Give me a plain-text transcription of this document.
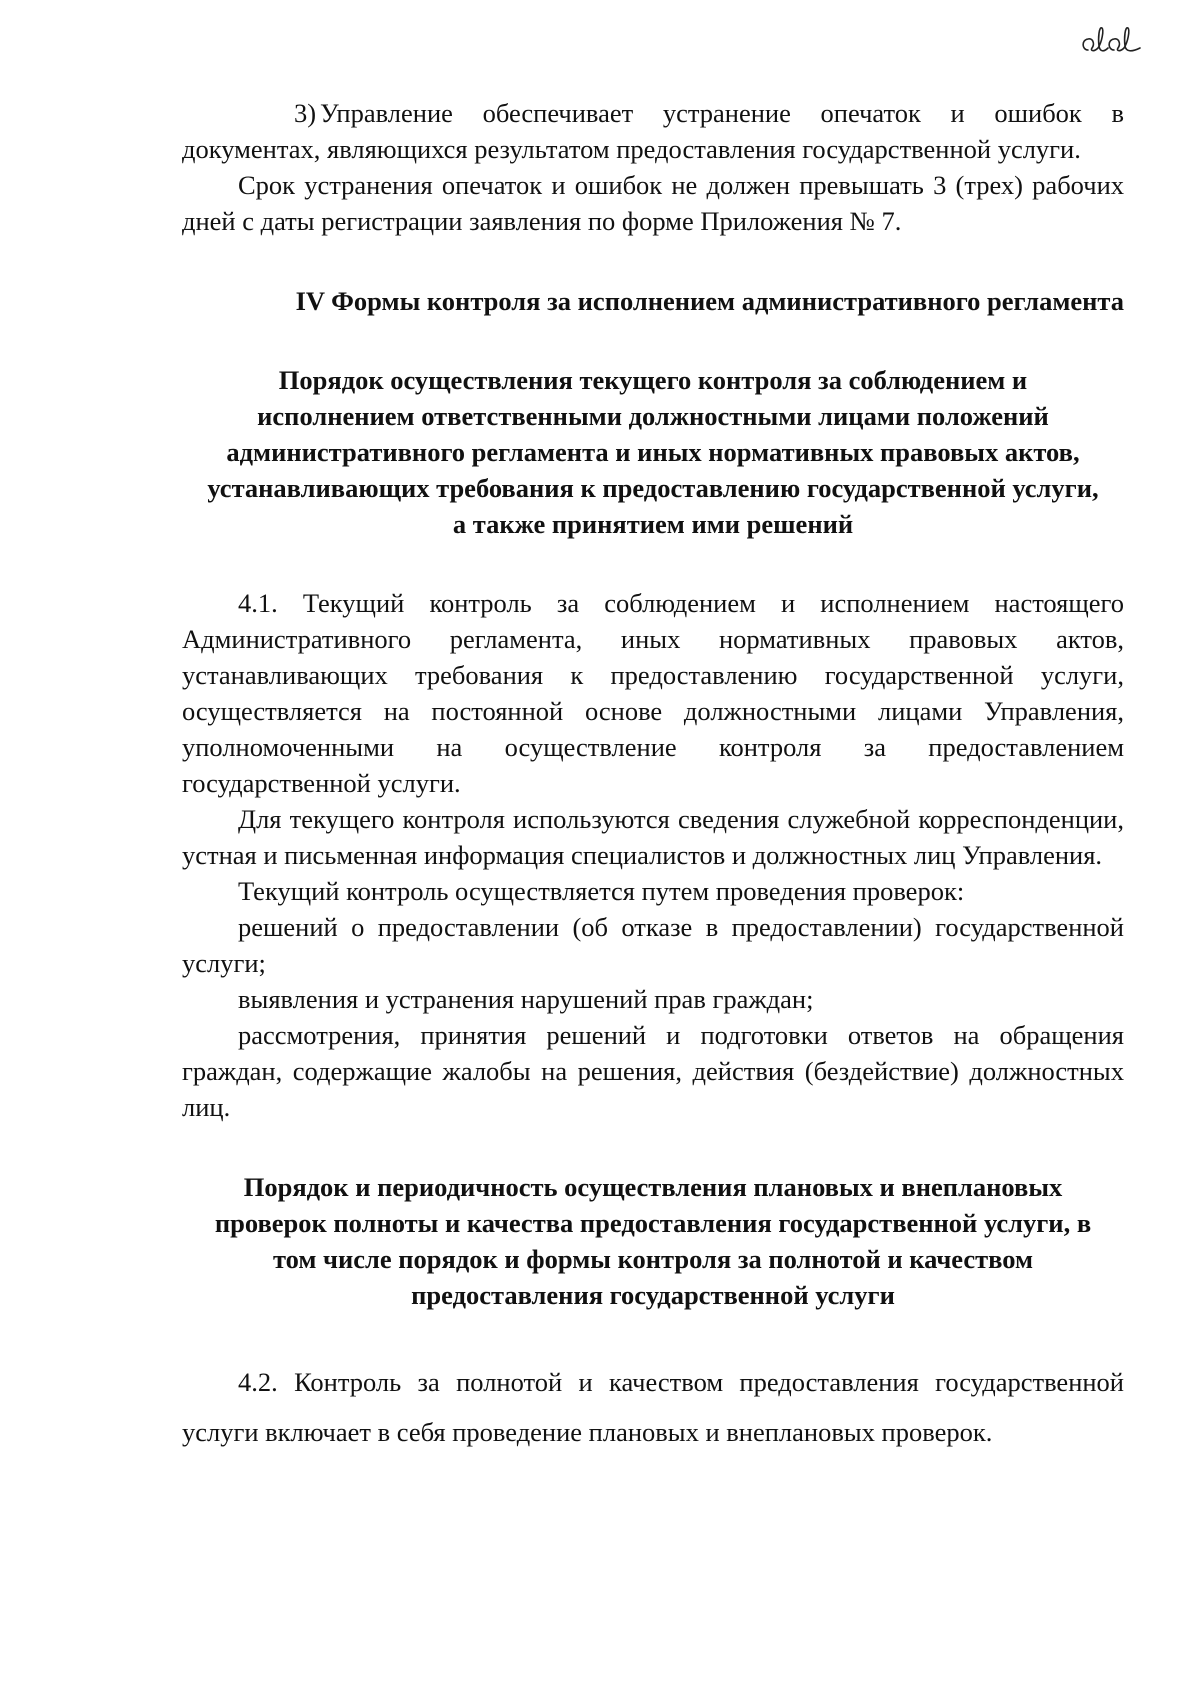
3) Управление обеспечивает устранение опечаток и ошибок в документах, являющихся результатом предоставления государственной услуги.

Срок устранения опечаток и ошибок не должен превышать 3 (трех) рабочих дней с даты регистрации заявления по форме Приложения № 7.

IV Формы контроля за исполнением административного регламента

Порядок осуществления текущего контроля за соблюдением и исполнением ответственными должностными лицами положений административного регламента и иных нормативных правовых актов, устанавливающих требования к предоставлению государственной услуги, а также принятием ими решений

4.1. Текущий контроль за соблюдением и исполнением настоящего Административного регламента, иных нормативных правовых актов, устанавливающих требования к предоставлению государственной услуги, осуществляется на постоянной основе должностными лицами Управления, уполномоченными на осуществление контроля за предоставлением государственной услуги.

Для текущего контроля используются сведения служебной корреспонденции, устная и письменная информация специалистов и должностных лиц Управления.

Текущий контроль осуществляется путем проведения проверок:

решений о предоставлении (об отказе в предоставлении) государственной услуги;

выявления и устранения нарушений прав граждан;

рассмотрения, принятия решений и подготовки ответов на обращения граждан, содержащие жалобы на решения, действия (бездействие) должностных лиц.

Порядок и периодичность осуществления плановых и внеплановых проверок полноты и качества предоставления государственной услуги, в том числе порядок и формы контроля за полнотой и качеством предоставления государственной услуги

4.2. Контроль за полнотой и качеством предоставления государственной услуги включает в себя проведение плановых и внеплановых проверок.
